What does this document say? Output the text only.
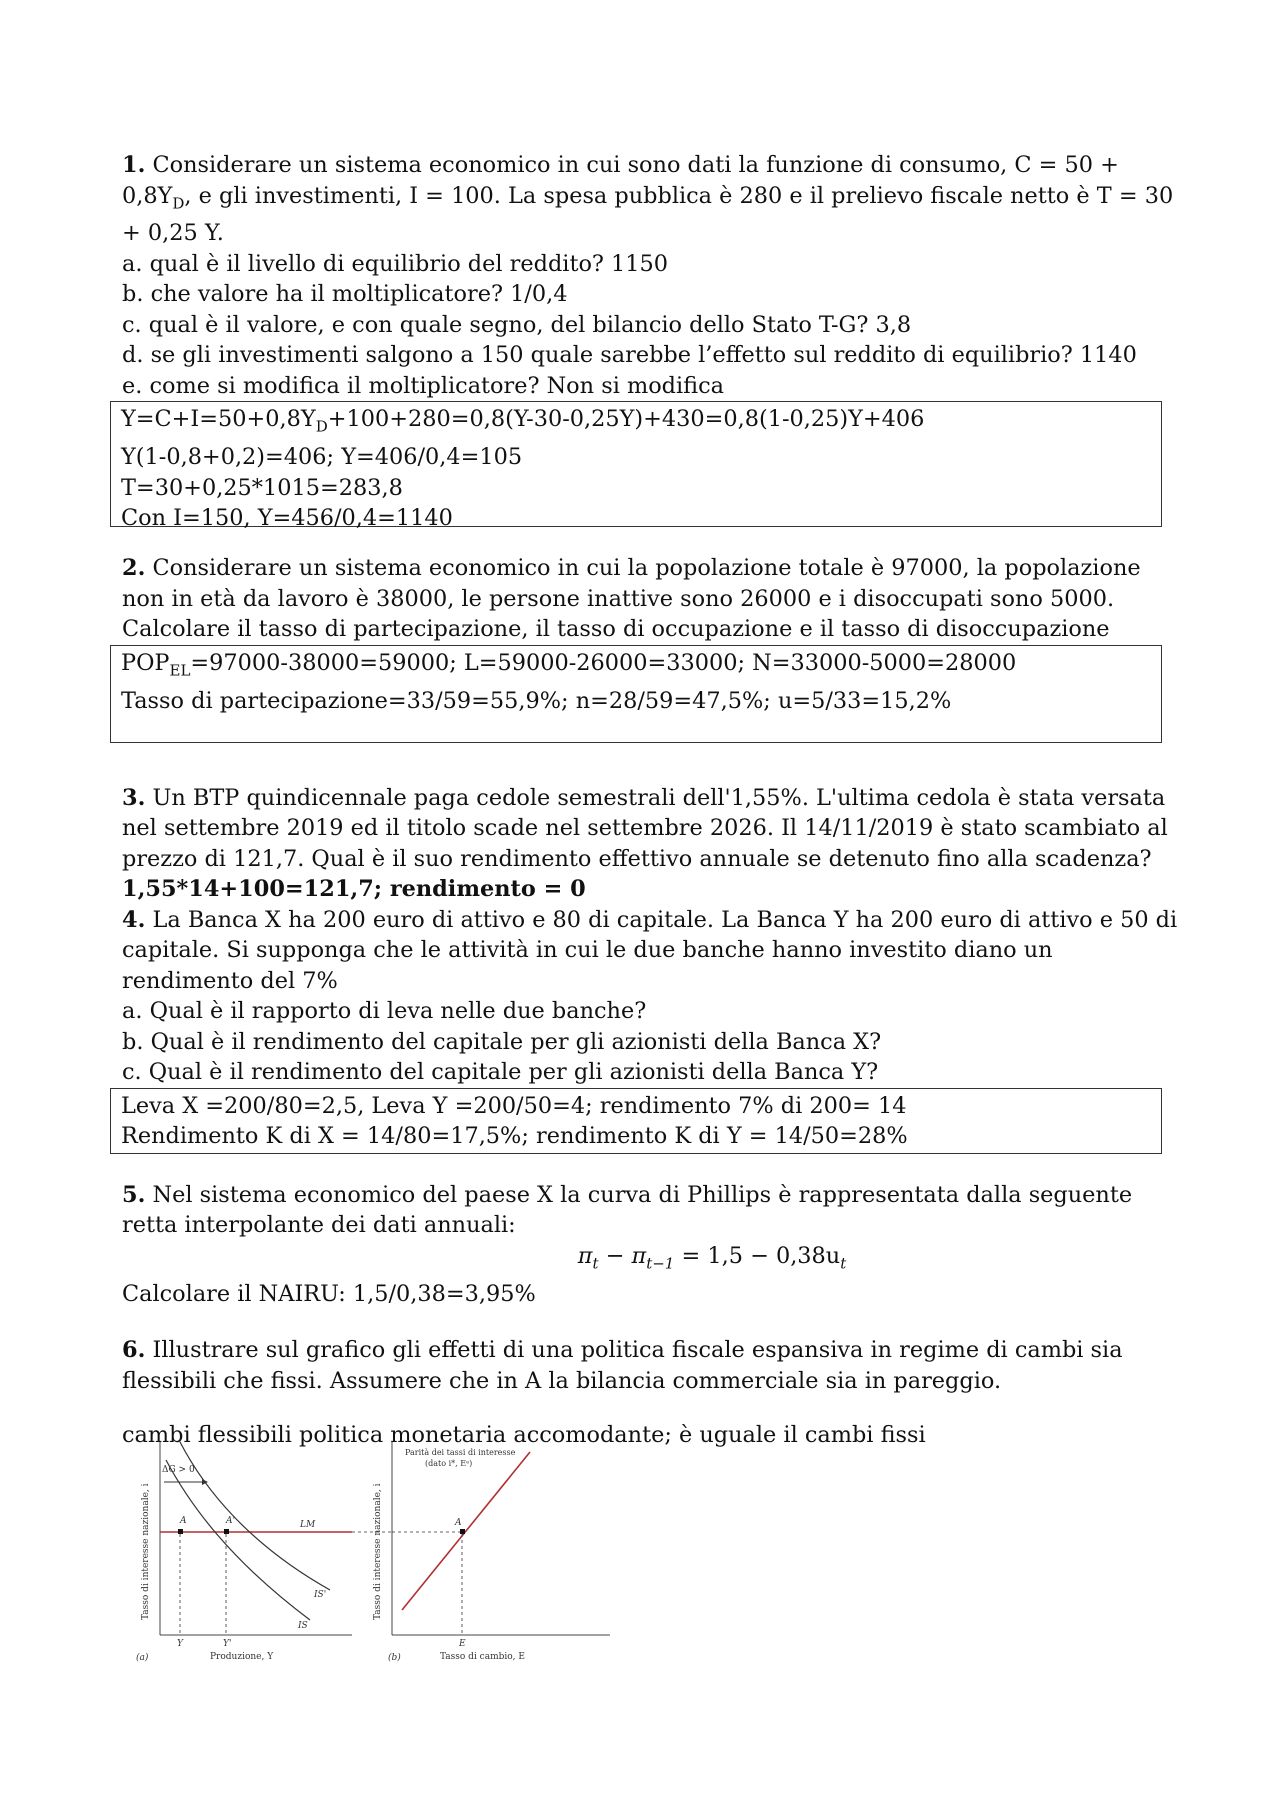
1. Considerare un sistema economico in cui sono dati la funzione di consumo, $C = 50 + 0,8Y_D$, e gli investimenti, I = 100. La spesa pubblica è 280 e il prelievo fiscale netto è T = 30 + 0,25 Y.

a. qual è il livello di equilibrio del reddito? 1150

b. che valore ha il moltiplicatore? 1/0,4

c. qual è il valore, e con quale segno, del bilancio dello Stato T-G? 3,8

d. se gli investimenti salgono a 150 quale sarebbe l’effetto sul reddito di equilibrio? 1140

e. come si modifica il moltiplicatore? Non si modifica

$Y=C+I=50+0,8Y_D+100+280=0,8(Y-30-0,25Y)+430=0,8(1-0,25)Y+406$

Y(1-0,8+0,2)=406; Y=406/0,4=105

T=30+0,25*1015=283,8

Con I=150, Y=456/0,4=1140

2. Considerare un sistema economico in cui la popolazione totale è 97000, la popolazione non in età da lavoro è 38000, le persone inattive sono 26000 e i disoccupati sono 5000. Calcolare il tasso di partecipazione, il tasso di occupazione e il tasso di disoccupazione

$POP_{EL}=97000-38000=59000$; L=59000-26000=33000; N=33000-5000=28000

Tasso di partecipazione=33/59=55,9%; n=28/59=47,5%; u=5/33=15,2%

3. Un BTP quindicennale paga cedole semestrali dell'1,55%. L'ultima cedola è stata versata nel settembre 2019 ed il titolo scade nel settembre 2026. Il 14/11/2019 è stato scambiato al prezzo di 121,7. Qual è il suo rendimento effettivo annuale se detenuto fino alla scadenza?

1,55*14+100=121,7; rendimento = 0

4. La Banca X ha 200 euro di attivo e 80 di capitale. La Banca Y ha 200 euro di attivo e 50 di capitale. Si supponga che le attività in cui le due banche hanno investito diano un rendimento del 7%

a. Qual è il rapporto di leva nelle due banche?

b. Qual è il rendimento del capitale per gli azionisti della Banca X?

c. Qual è il rendimento del capitale per gli azionisti della Banca Y?

Leva X =200/80=2,5, Leva Y =200/50=4; rendimento 7% di 200= 14

Rendimento K di X = 14/80=17,5%; rendimento K di Y = 14/50=28%

5. Nel sistema economico del paese X la curva di Phillips è rappresentata dalla seguente retta interpolante dei dati annuali:

$\pi_t - \pi_{t-1} = 1,5 - 0,38u_t$

Calcolare il NAIRU: 1,5/0,38=3,95%

6. Illustrare sul grafico gli effetti di una politica fiscale espansiva in regime di cambi sia flessibili che fissi. Assumere che in A la bilancia commerciale sia in pareggio.

cambi flessibili politica monetaria accomodante; è uguale il cambi fissi

Tasso di interesse nazionale, i
Produzione, Y
(a)
LM
IS
IS'
ΔG > 0
A	A'
Y	Y'
Tasso di interesse nazionale, i
Tasso di cambio, E
(b)
Parità dei tassi di interesse
(dato i*, Eᵉ)
A
E
